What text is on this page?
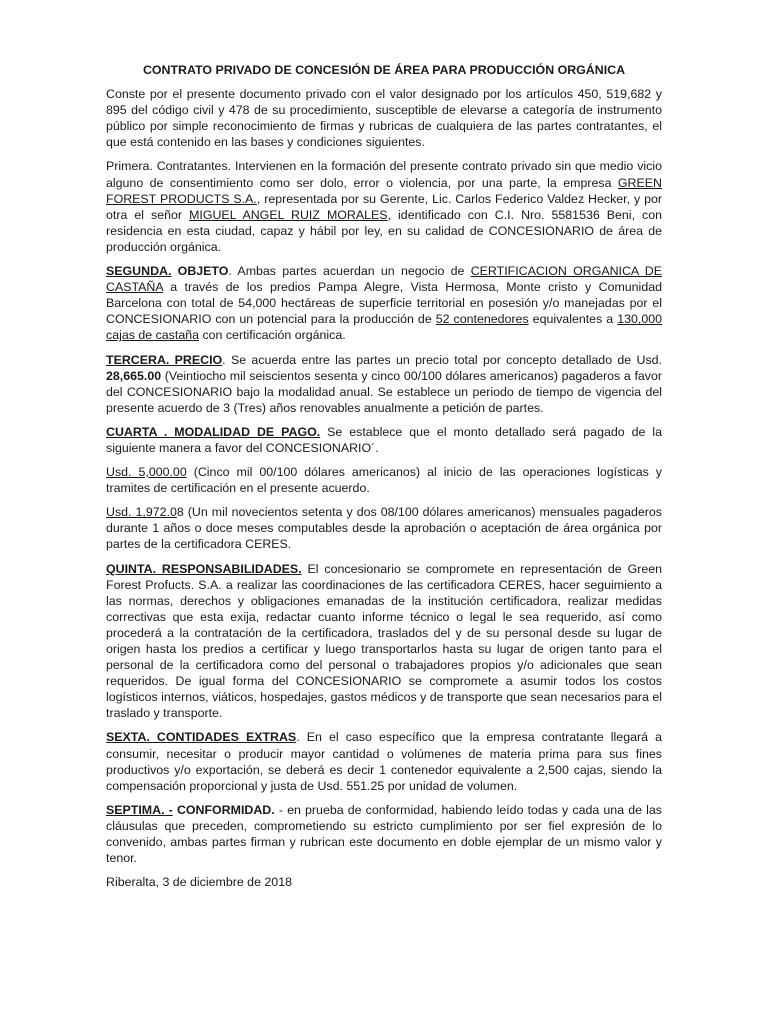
CONTRATO PRIVADO DE CONCESIÓN DE ÁREA PARA PRODUCCIÓN ORGÁNICA

Conste por el presente documento privado con el valor designado por los artículos 450, 519,682 y 895 del código civil y 478 de su procedimiento, susceptible de elevarse a categoría de instrumento público por simple reconocimiento de firmas y rubricas de cualquiera de las partes contratantes, el que está contenido en las bases y condiciones siguientes.

Primera. Contratantes. Intervienen en la formación del presente contrato privado sin que medio vicio alguno de consentimiento como ser dolo, error o violencia, por una parte, la empresa GREEN FOREST PRODUCTS S.A., representada por su Gerente, Lic. Carlos Federico Valdez Hecker, y por otra el señor MIGUEL ANGEL RUIZ MORALES, identificado con C.I. Nro. 5581536 Beni, con residencia en esta ciudad, capaz y hábil por ley, en su calidad de CONCESIONARIO de área de producción orgánica.

SEGUNDA. OBJETO. Ambas partes acuerdan un negocio de CERTIFICACION ORGANICA DE CASTAÑA a través de los predios Pampa Alegre, Vista Hermosa, Monte cristo y Comunidad Barcelona con total de 54,000 hectáreas de superficie territorial en posesión y/o manejadas por el CONCESIONARIO con un potencial para la producción de 52 contenedores equivalentes a 130,000 cajas de castaña con certificación orgánica.

TERCERA. PRECIO. Se acuerda entre las partes un precio total por concepto detallado de Usd. 28,665.00 (Veintiocho mil seiscientos sesenta y cinco 00/100 dólares americanos) pagaderos a favor del CONCESIONARIO bajo la modalidad anual. Se establece un periodo de tiempo de vigencia del presente acuerdo de 3 (Tres) años renovables anualmente a petición de partes.

CUARTA . MODALIDAD DE PAGO. Se establece que el monto detallado será pagado de la siguiente manera a favor del CONCESIONARIO´.

Usd. 5,000.00 (Cinco mil 00/100 dólares americanos) al inicio de las operaciones logísticas y tramites de certificación en el presente acuerdo.

Usd. 1,972.08 (Un mil novecientos setenta y dos 08/100 dólares americanos) mensuales pagaderos durante 1 años o doce meses computables desde la aprobación o aceptación de área orgánica por partes de la certificadora CERES.

QUINTA. RESPONSABILIDADES. El concesionario se compromete en representación de Green Forest Profucts. S.A. a realizar las coordinaciones de las certificadora CERES, hacer seguimiento a las normas, derechos y obligaciones emanadas de la institución certificadora, realizar medidas correctivas que esta exija, redactar cuanto informe técnico o legal le sea requerido, así como procederá a la contratación de la certificadora, traslados del y de su personal desde su lugar de origen hasta los predios a certificar y luego transportarlos hasta su lugar de origen tanto para el personal de la certificadora como del personal o trabajadores propios y/o adicionales que sean requeridos. De igual forma del CONCESIONARIO se compromete a asumir todos los costos logísticos internos, viáticos, hospedajes, gastos médicos y de transporte que sean necesarios para el traslado y transporte.

SEXTA. CONTIDADES EXTRAS. En el caso específico que la empresa contratante llegará a consumir, necesitar o producir mayor cantidad o volúmenes de materia prima para sus fines productivos y/o exportación, se deberá es decir 1 contenedor equivalente a 2,500 cajas, siendo la compensación proporcional y justa de Usd. 551.25 por unidad de volumen.

SEPTIMA. - CONFORMIDAD. - en prueba de conformidad, habiendo leído todas y cada una de las cláusulas que preceden, comprometiendo su estricto cumplimiento por ser fiel expresión de lo convenido, ambas partes firman y rubrican este documento en doble ejemplar de un mismo valor y tenor.

Riberalta, 3 de diciembre de 2018
